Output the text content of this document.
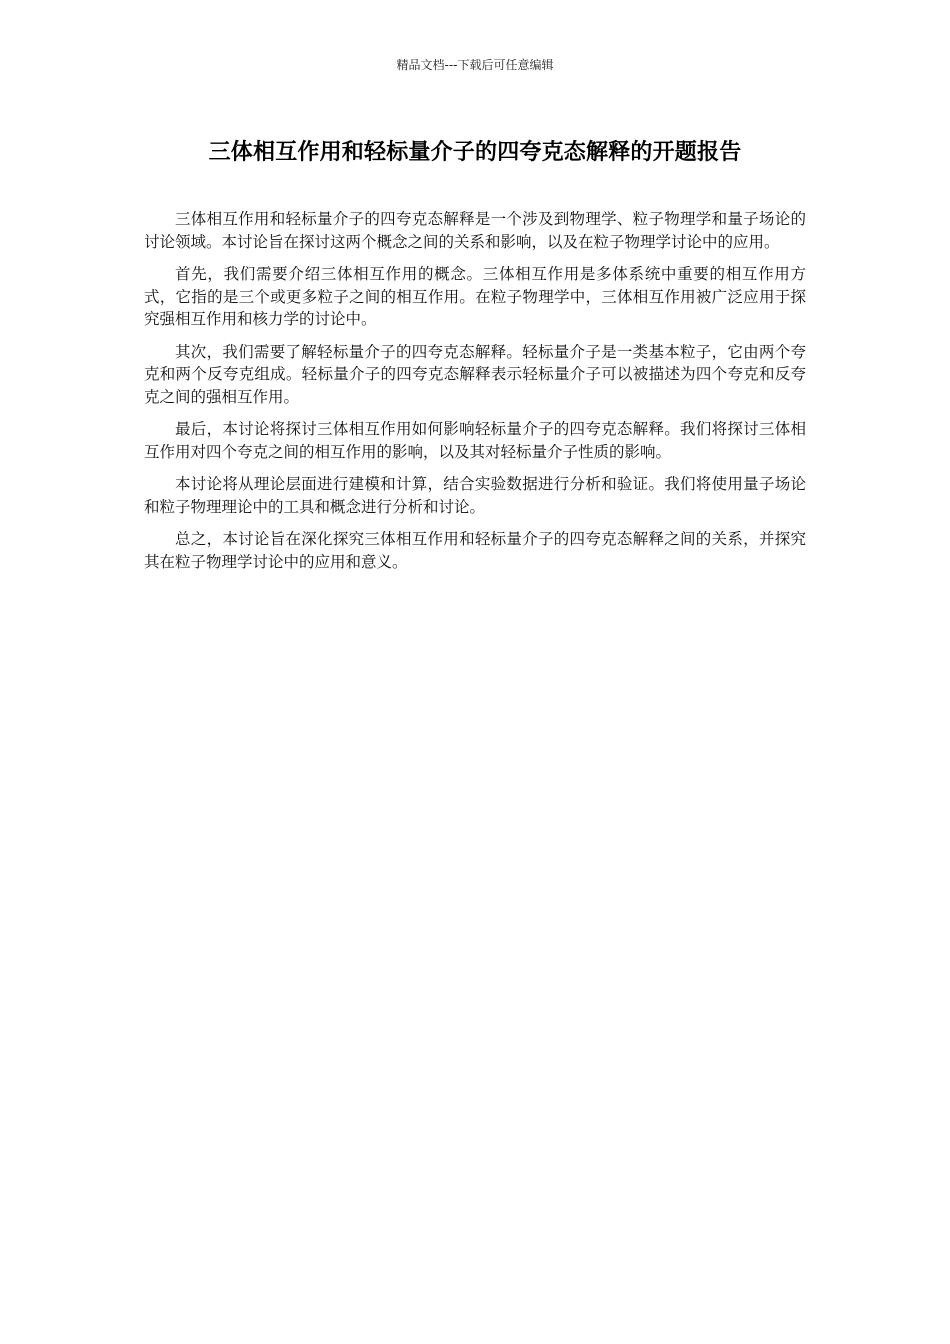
精品文档---下载后可任意编辑
三体相互作用和轻标量介子的四夸克态解释的开题报告

三体相互作用和轻标量介子的四夸克态解释是一个涉及到物理学、粒子物理学和量子场论的讨论领域。本讨论旨在探讨这两个概念之间的关系和影响，以及在粒子物理学讨论中的应用。

首先，我们需要介绍三体相互作用的概念。三体相互作用是多体系统中重要的相互作用方式，它指的是三个或更多粒子之间的相互作用。在粒子物理学中，三体相互作用被广泛应用于探究强相互作用和核力学的讨论中。

其次，我们需要了解轻标量介子的四夸克态解释。轻标量介子是一类基本粒子，它由两个夸克和两个反夸克组成。轻标量介子的四夸克态解释表示轻标量介子可以被描述为四个夸克和反夸克之间的强相互作用。

最后，本讨论将探讨三体相互作用如何影响轻标量介子的四夸克态解释。我们将探讨三体相互作用对四个夸克之间的相互作用的影响，以及其对轻标量介子性质的影响。

本讨论将从理论层面进行建模和计算，结合实验数据进行分析和验证。我们将使用量子场论和粒子物理理论中的工具和概念进行分析和讨论。

总之，本讨论旨在深化探究三体相互作用和轻标量介子的四夸克态解释之间的关系，并探究其在粒子物理学讨论中的应用和意义。
